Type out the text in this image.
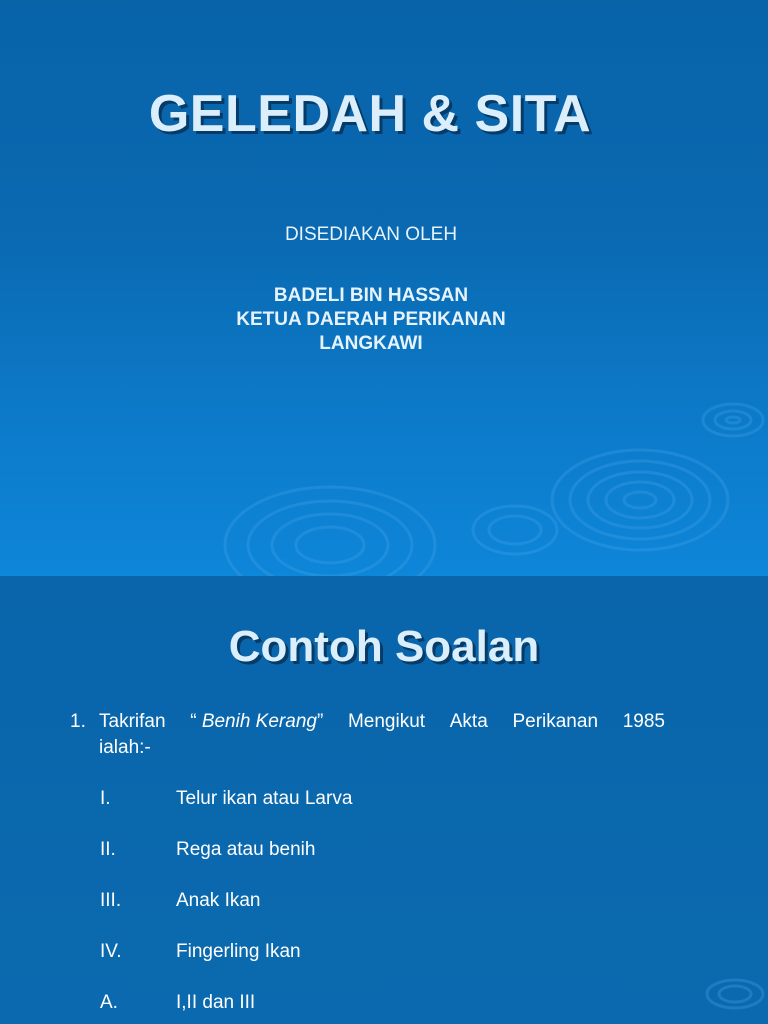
GELEDAH & SITA
DISEDIAKAN OLEH
BADELI BIN HASSAN
KETUA DAERAH PERIKANAN
LANGKAWI
Contoh Soalan
1. Takrifan “ Benih Kerang” Mengikut Akta Perikanan 1985
ialah:-
I.	Telur ikan atau Larva
II.	Rega atau benih
III.	Anak Ikan
IV.	Fingerling Ikan
A.	I,II dan III
